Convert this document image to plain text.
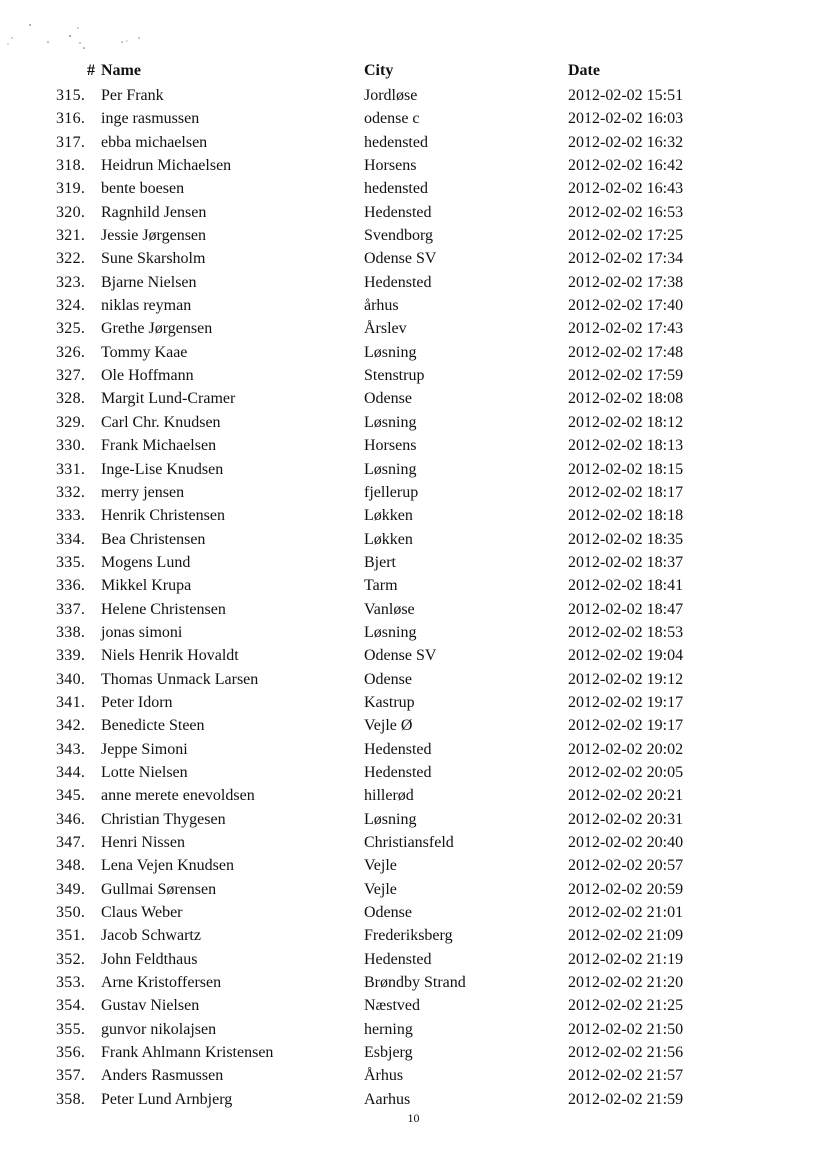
# Name	City	Date
315. Per Frank	Jordløse	2012-02-02 15:51
316. inge rasmussen	odense c	2012-02-02 16:03
317. ebba michaelsen	hedensted	2012-02-02 16:32
318. Heidrun Michaelsen	Horsens	2012-02-02 16:42
319. bente boesen	hedensted	2012-02-02 16:43
320. Ragnhild Jensen	Hedensted	2012-02-02 16:53
321. Jessie Jørgensen	Svendborg	2012-02-02 17:25
322. Sune Skarsholm	Odense SV	2012-02-02 17:34
323. Bjarne Nielsen	Hedensted	2012-02-02 17:38
324. niklas reyman	århus	2012-02-02 17:40
325. Grethe Jørgensen	Årslev	2012-02-02 17:43
326. Tommy Kaae	Løsning	2012-02-02 17:48
327. Ole Hoffmann	Stenstrup	2012-02-02 17:59
328. Margit Lund-Cramer	Odense	2012-02-02 18:08
329. Carl Chr. Knudsen	Løsning	2012-02-02 18:12
330. Frank Michaelsen	Horsens	2012-02-02 18:13
331. Inge-Lise Knudsen	Løsning	2012-02-02 18:15
332. merry jensen	fjellerup	2012-02-02 18:17
333. Henrik Christensen	Løkken	2012-02-02 18:18
334. Bea Christensen	Løkken	2012-02-02 18:35
335. Mogens Lund	Bjert	2012-02-02 18:37
336. Mikkel Krupa	Tarm	2012-02-02 18:41
337. Helene Christensen	Vanløse	2012-02-02 18:47
338. jonas simoni	Løsning	2012-02-02 18:53
339. Niels Henrik Hovaldt	Odense SV	2012-02-02 19:04
340. Thomas Unmack Larsen	Odense	2012-02-02 19:12
341. Peter Idorn	Kastrup	2012-02-02 19:17
342. Benedicte Steen	Vejle Ø	2012-02-02 19:17
343. Jeppe Simoni	Hedensted	2012-02-02 20:02
344. Lotte Nielsen	Hedensted	2012-02-02 20:05
345. anne merete enevoldsen	hillerød	2012-02-02 20:21
346. Christian Thygesen	Løsning	2012-02-02 20:31
347. Henri Nissen	Christiansfeld	2012-02-02 20:40
348. Lena Vejen Knudsen	Vejle	2012-02-02 20:57
349. Gullmai Sørensen	Vejle	2012-02-02 20:59
350. Claus Weber	Odense	2012-02-02 21:01
351. Jacob Schwartz	Frederiksberg	2012-02-02 21:09
352. John Feldthaus	Hedensted	2012-02-02 21:19
353. Arne Kristoffersen	Brøndby Strand	2012-02-02 21:20
354. Gustav Nielsen	Næstved	2012-02-02 21:25
355. gunvor nikolajsen	herning	2012-02-02 21:50
356. Frank Ahlmann Kristensen	Esbjerg	2012-02-02 21:56
357. Anders Rasmussen	Århus	2012-02-02 21:57
358. Peter Lund Arnbjerg	Aarhus	2012-02-02 21:59
10
